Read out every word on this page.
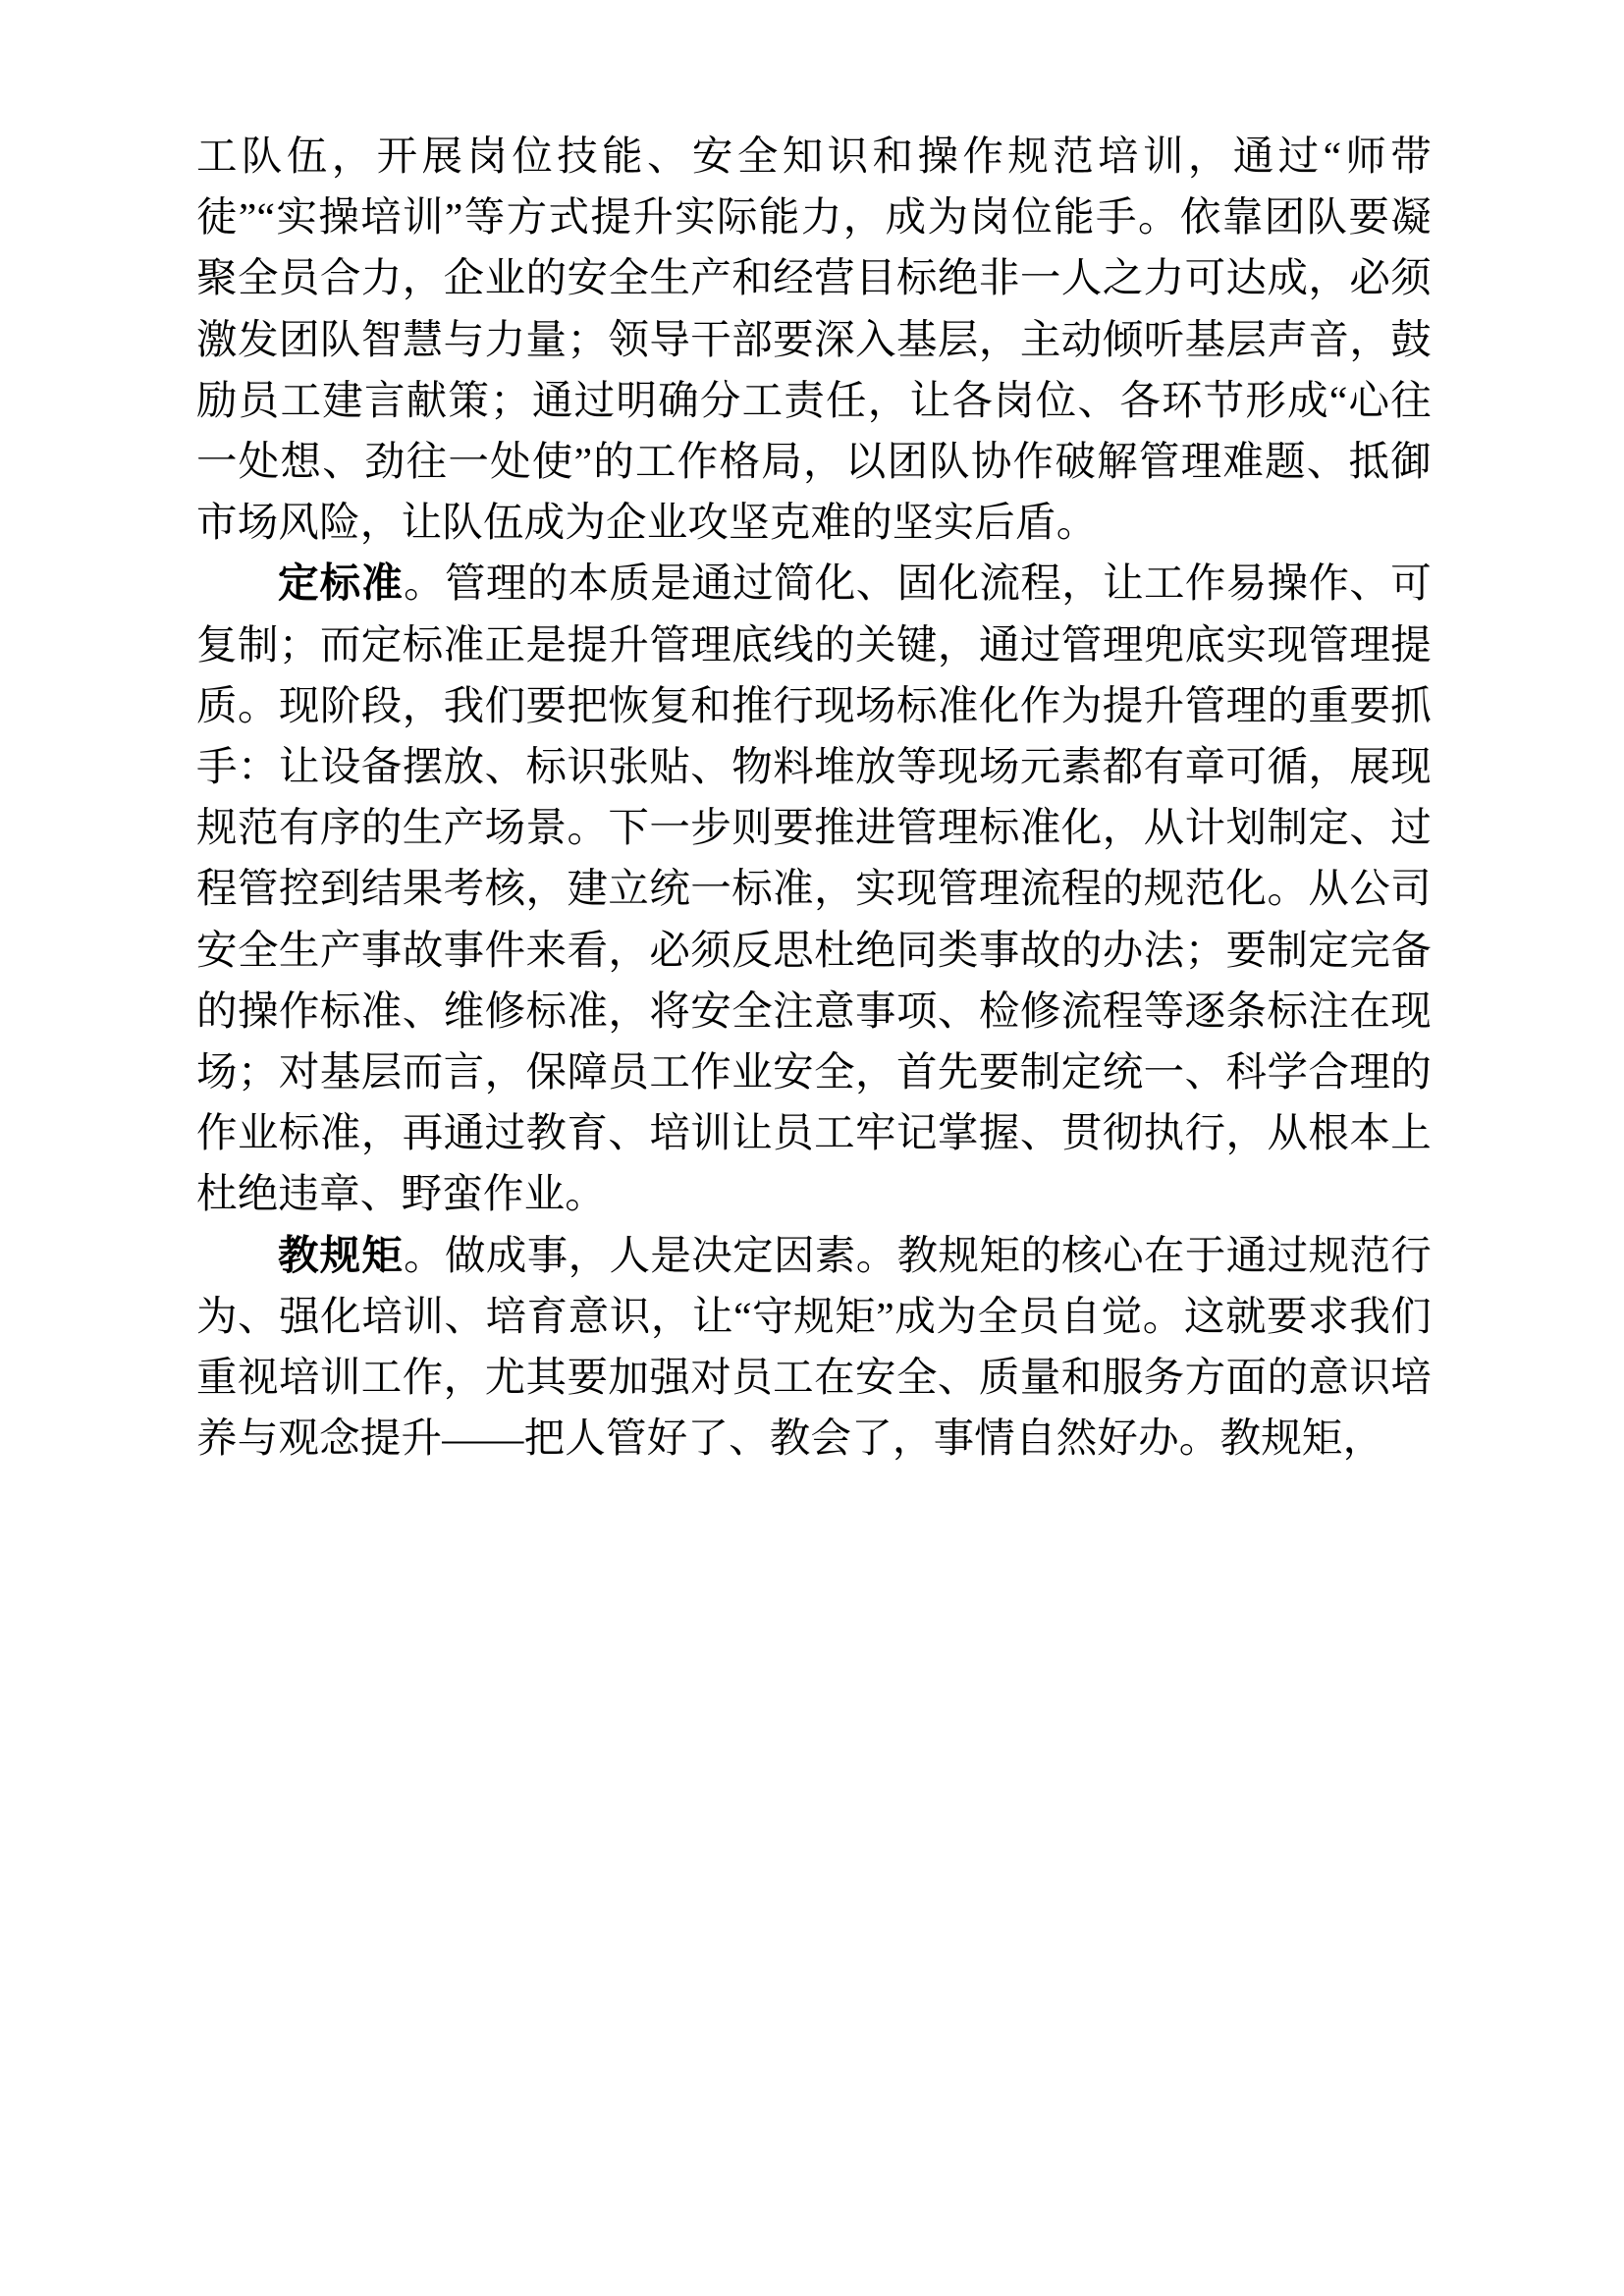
工队伍，开展岗位技能、安全知识和操作规范培训，通过“师带徒”“实操培训”等方式提升实际能力，成为岗位能手。依靠团队要凝聚全员合力，企业的安全生产和经营目标绝非一人之力可达成，必须激发团队智慧与力量；领导干部要深入基层，主动倾听基层声音，鼓励员工建言献策；通过明确分工责任，让各岗位、各环节形成“心往一处想、劲往一处使”的工作格局，以团队协作破解管理难题、抵御市场风险，让队伍成为企业攻坚克难的坚实后盾。

定标准。管理的本质是通过简化、固化流程，让工作易操作、可复制；而定标准正是提升管理底线的关键，通过管理兜底实现管理提质。现阶段，我们要把恢复和推行现场标准化作为提升管理的重要抓手：让设备摆放、标识张贴、物料堆放等现场元素都有章可循，展现规范有序的生产场景。下一步则要推进管理标准化，从计划制定、过程管控到结果考核，建立统一标准，实现管理流程的规范化。从公司安全生产事故事件来看，必须反思杜绝同类事故的办法；要制定完备的操作标准、维修标准，将安全注意事项、检修流程等逐条标注在现场；对基层而言，保障员工作业安全，首先要制定统一、科学合理的作业标准，再通过教育、培训让员工牢记掌握、贯彻执行，从根本上杜绝违章、野蛮作业。

教规矩。做成事，人是决定因素。教规矩的核心在于通过规范行为、强化培训、培育意识，让“守规矩”成为全员自觉。这就要求我们重视培训工作，尤其要加强对员工在安全、质量和服务方面的意识培养与观念提升——把人管好了、教会了，事情自然好办。教规矩，
